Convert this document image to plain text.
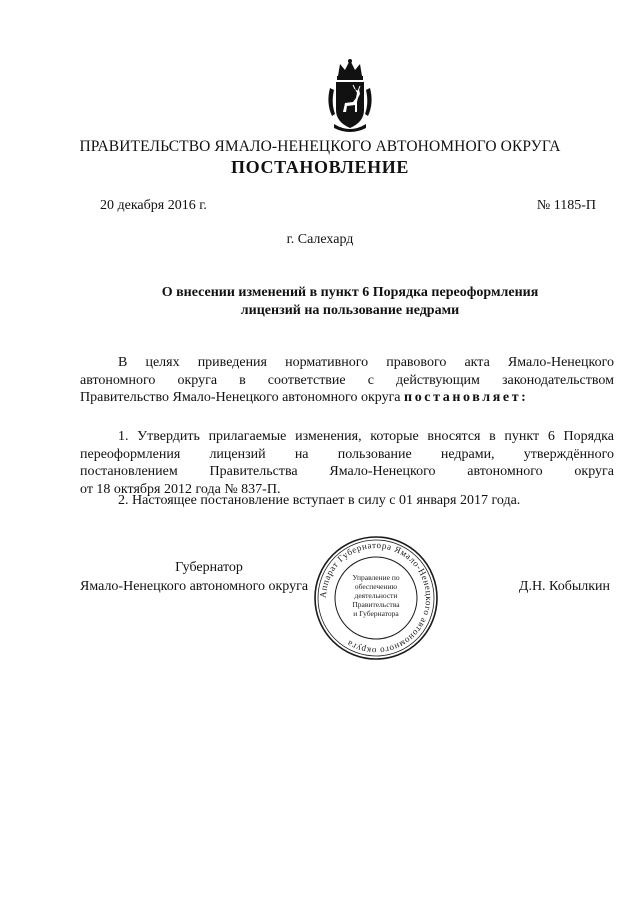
ПРАВИТЕЛЬСТВО ЯМАЛО-НЕНЕЦКОГО АВТОНОМНОГО ОКРУГА
ПОСТАНОВЛЕНИЕ
20 декабря 2016 г.	№ 1185-П
г. Салехард
О внесении изменений в пункт 6 Порядка переоформления
лицензий на пользование недрами
В целях приведения нормативного правового акта Ямало-Ненецкого
автономного округа в соответствие с действующим законодательством
Правительство Ямало-Ненецкого автономного округа постановляет:
1. Утвердить прилагаемые изменения, которые вносятся в пункт 6 Порядка
переоформления лицензий на пользование недрами, утверждённого
постановлением Правительства Ямало-Ненецкого автономного округа
от 18 октября 2012 года № 837-П.
2. Настоящее постановление вступает в силу с 01 января 2017 года.
Губернатор
Ямало-Ненецкого автономного округа	Д.Н. Кобылкин
Аппарат Губернатора Ямало-Ненецкого автономного округа
Управление по
обеспечению
деятельности
Правительства
и Губернатора
